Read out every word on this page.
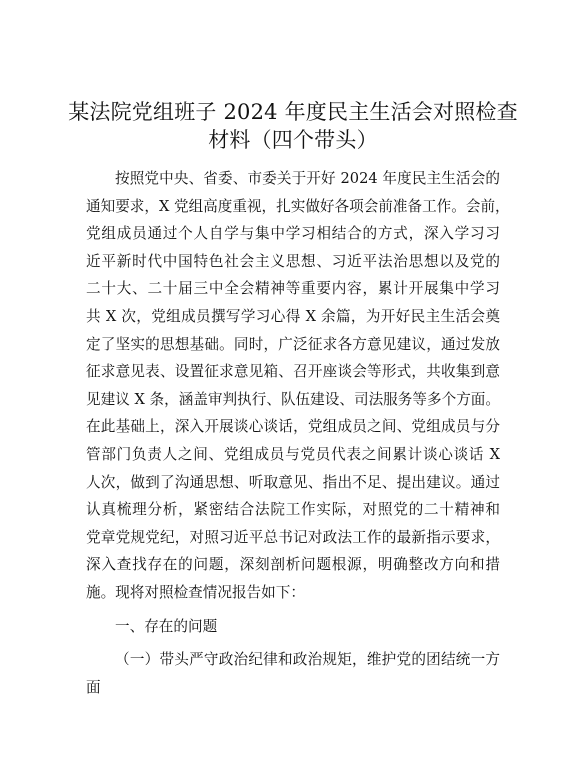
某法院党组班子 2024 年度民主生活会对照检查
材料（四个带头）
按照党中央、省委、市委关于开好 2024 年度民主生活会的
通知要求，X 党组高度重视，扎实做好各项会前准备工作。会前，
党组成员通过个人自学与集中学习相结合的方式，深入学习习
近平新时代中国特色社会主义思想、习近平法治思想以及党的
二十大、二十届三中全会精神等重要内容，累计开展集中学习
共 X 次，党组成员撰写学习心得 X 余篇，为开好民主生活会奠
定了坚实的思想基础。同时，广泛征求各方意见建议，通过发放
征求意见表、设置征求意见箱、召开座谈会等形式，共收集到意
见建议 X 条，涵盖审判执行、队伍建设、司法服务等多个方面。
在此基础上，深入开展谈心谈话，党组成员之间、党组成员与分
管部门负责人之间、党组成员与党员代表之间累计谈心谈话 X
人次，做到了沟通思想、听取意见、指出不足、提出建议。通过
认真梳理分析，紧密结合法院工作实际，对照党的二十精神和
党章党规党纪，对照习近平总书记对政法工作的最新指示要求，
深入查找存在的问题，深刻剖析问题根源，明确整改方向和措
施。现将对照检查情况报告如下：
一、存在的问题
（一）带头严守政治纪律和政治规矩，维护党的团结统一方
面
